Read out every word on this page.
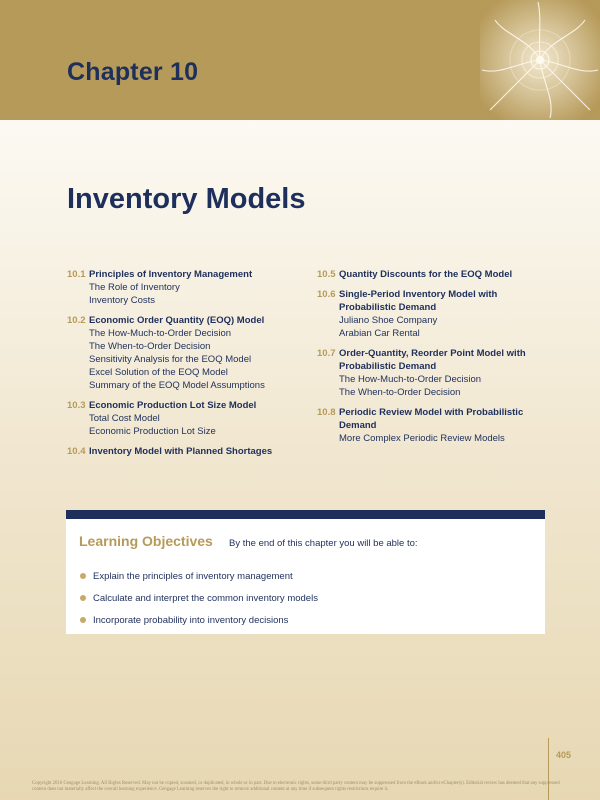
Chapter 10
Inventory Models
10.1 Principles of Inventory Management
The Role of Inventory
Inventory Costs
10.2 Economic Order Quantity (EOQ) Model
The How-Much-to-Order Decision
The When-to-Order Decision
Sensitivity Analysis for the EOQ Model
Excel Solution of the EOQ Model
Summary of the EOQ Model Assumptions
10.3 Economic Production Lot Size Model
Total Cost Model
Economic Production Lot Size
10.4 Inventory Model with Planned Shortages
10.5 Quantity Discounts for the EOQ Model
10.6 Single-Period Inventory Model with Probabilistic Demand
Juliano Shoe Company
Arabian Car Rental
10.7 Order-Quantity, Reorder Point Model with Probabilistic Demand
The How-Much-to-Order Decision
The When-to-Order Decision
10.8 Periodic Review Model with Probabilistic Demand
More Complex Periodic Review Models
Learning Objectives By the end of this chapter you will be able to:
Explain the principles of inventory management
Calculate and interpret the common inventory models
Incorporate probability into inventory decisions
405
Copyright 2016 Cengage Learning. All Rights Reserved. May not be copied, scanned, or duplicated, in whole or in part. Due to electronic rights, some third party content may be suppressed from the eBook and/or eChapter(s). Editorial review has deemed that any suppressed content does not materially affect the overall learning experience. Cengage Learning reserves the right to remove additional content at any time if subsequent rights restrictions require it.
